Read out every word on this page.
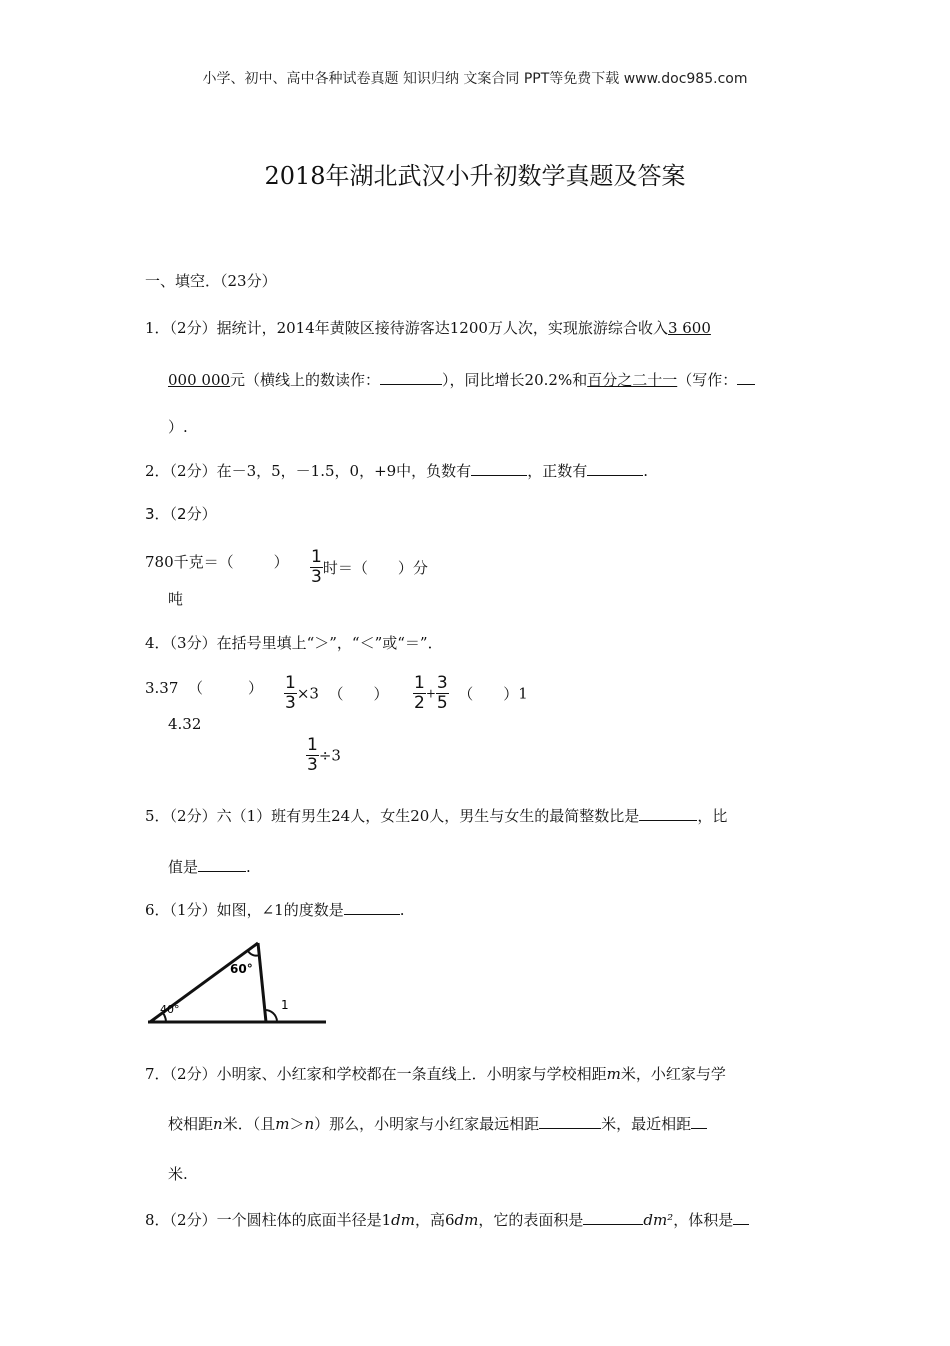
小学、初中、高中各种试卷真题 知识归纳 文案合同 PPT等免费下载 www.doc985.com
2018年湖北武汉小升初数学真题及答案
一、填空．（23分）
1．（2分）据统计，2014年黄陂区接待游客达1200万人次，实现旅游综合收入3 600
000 000元（横线上的数读作：	），同比增长20.2%和百分之二十一（写作：
）.
2．（2分）在－3，5，－1.5，0，+9中，负数有	，正数有	.
3．（2分）
780千克＝（	）
吨
$\frac{1}{3}$ 时＝（　　）分
4．（3分）在括号里填上“＞”，“＜”或“＝”．
3.37 （　　　）
4.32
$\frac{1}{3} \times 3$ （　　）
$\frac{1}{3} \div 3$
$\frac{1}{2} + \frac{3}{5}$ （　　）1
5．（2分）六（1）班有男生24人，女生20人，男生与女生的最简整数比是	，比
值是	.
6．（1分）如图，∠1的度数是	.
60°
40°	1
7．（2分）小明家、小红家和学校都在一条直线上．小明家与学校相距m米，小红家与学
校相距n米．（且m＞n）那么，小明家与小红家最远相距	米，最近相距
米.
8．（2分）一个圆柱体的底面半径是1dm，高6dm，它的表面积是	dm²，体积是
